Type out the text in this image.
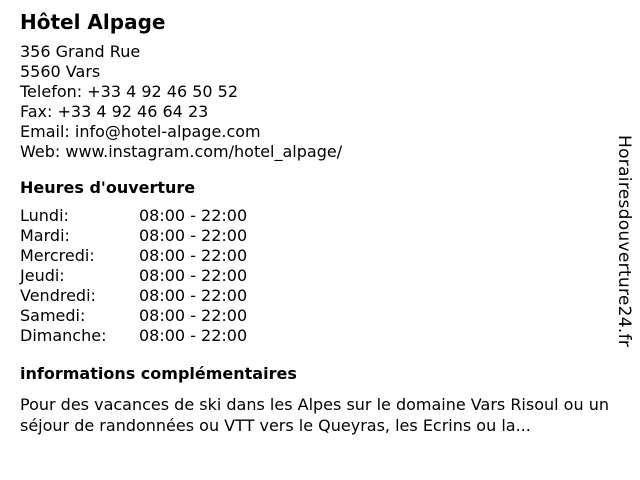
Hôtel Alpage
356 Grand Rue
5560 Vars
Telefon: +33 4 92 46 50 52
Fax: +33 4 92 46 64 23
Email: info@hotel-alpage.com
Web: www.instagram.com/hotel_alpage/
Heures d'ouverture
Lundi:	08:00 - 22:00
Mardi:	08:00 - 22:00
Mercredi:	08:00 - 22:00
Jeudi:	08:00 - 22:00
Vendredi:	08:00 - 22:00
Samedi:	08:00 - 22:00
Dimanche:	08:00 - 22:00
informations complémentaires
Pour des vacances de ski dans les Alpes sur le domaine Vars Risoul ou un séjour de randonnées ou VTT vers le Queyras, les Ecrins ou la...
Horairesdouverture24.fr
